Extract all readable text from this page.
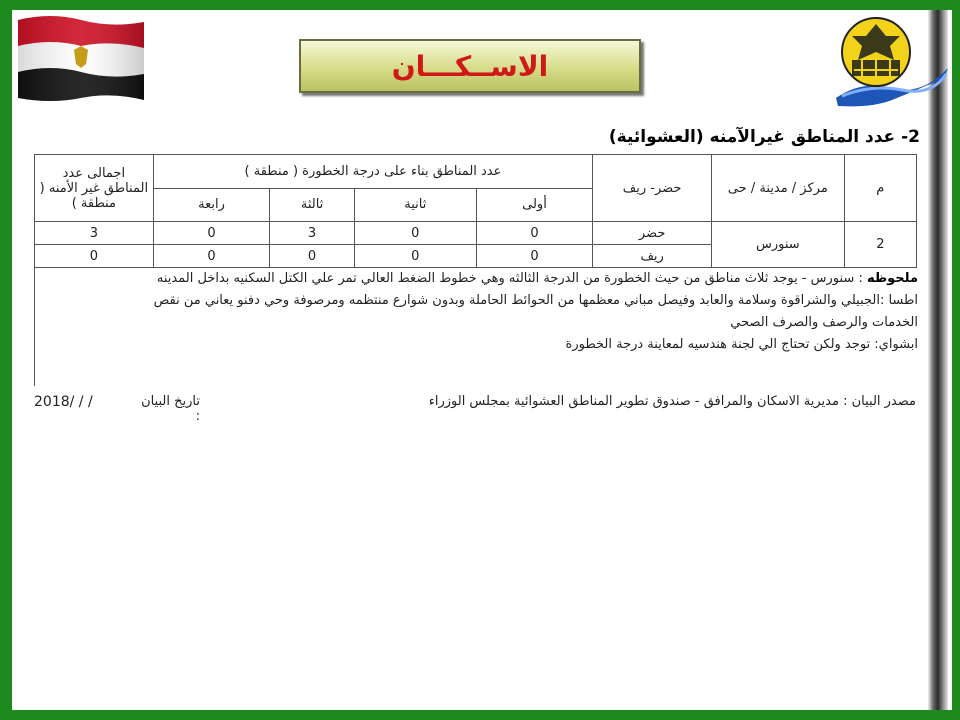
الاســكـــان
2- عدد المناطق غيرالآمنه (العشوائية)
م	مركز / مدينة / حى	حضر- ريف	عدد المناطق بناء على درجة الخطورة ( منطقة )				اجمالى عدد المناطق غير الأمنه ( منطقة )
			أولى	ثانية	ثالثة	رابعة	
2	سنورس	حضر	0	0	3	0	3
		ريف	0	0	0	0	0
ملحوظه : سنورس - يوجد ثلاث مناطق من حيث الخطورة من الدرجة الثالثه وهي خطوط الضغط العالي تمر علي الكتل السكنيه بداخل المدينه
اطسا :الجبيلي والشراقوة وسلامة والعابد وفيصل مباني معظمها من الحوائط الحاملة وبدون شوارع منتظمه ومرصوفة وحي دفنو يعاني من نقص
الخدمات والرصف والصرف الصحي
ابشواي: توجد ولكن تحتاج الي لجنة هندسيه لمعاينة درجة الخطورة
مصدر البيان : مديرية الاسكان والمرافق - صندوق تطوير المناطق العشوائية بمجلس الوزراء
تاريخ البيان :
2018/ / /
